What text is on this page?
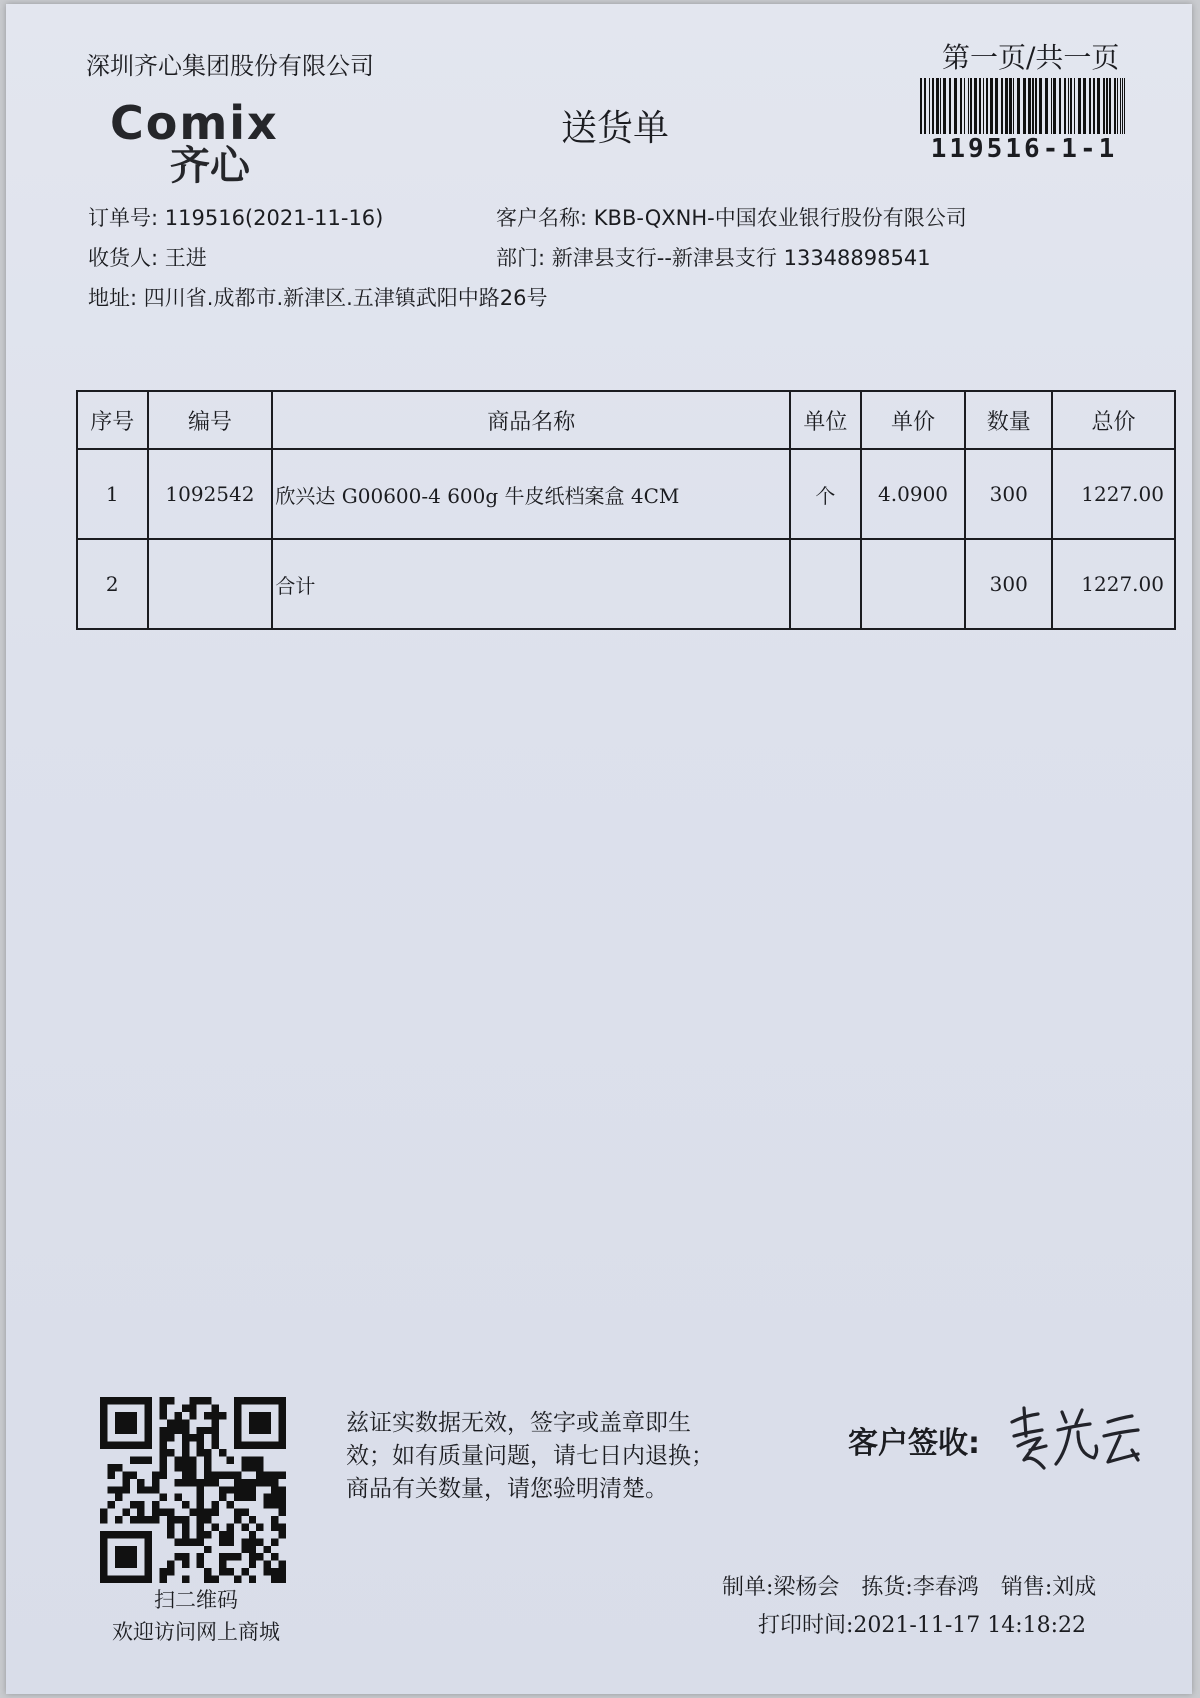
深圳齐心集团股份有限公司
Comix
齐心
送货单
第一页/共一页
119516-1-1
订单号: 119516(2021-11-16)	客户名称: KBB-QXNH-中国农业银行股份有限公司
收货人: 王进	部门: 新津县支行--新津县支行 13348898541
地址: 四川省.成都市.新津区.五津镇武阳中路26号
序号	编号	商品名称	单位	单价	数量	总价
1	1092542	欣兴达 G00600-4 600g 牛皮纸档案盒 4CM	个	4.0900	300	1227.00
2		合计			300	1227.00
扫二维码
欢迎访问网上商城
兹证实数据无效，签字或盖章即生
效；如有质量问题，请七日内退换；
商品有关数量，请您验明清楚。
客户签收:
制单:梁杨会 拣货:李春鸿 销售:刘成
打印时间:2021-11-17 14:18:22
